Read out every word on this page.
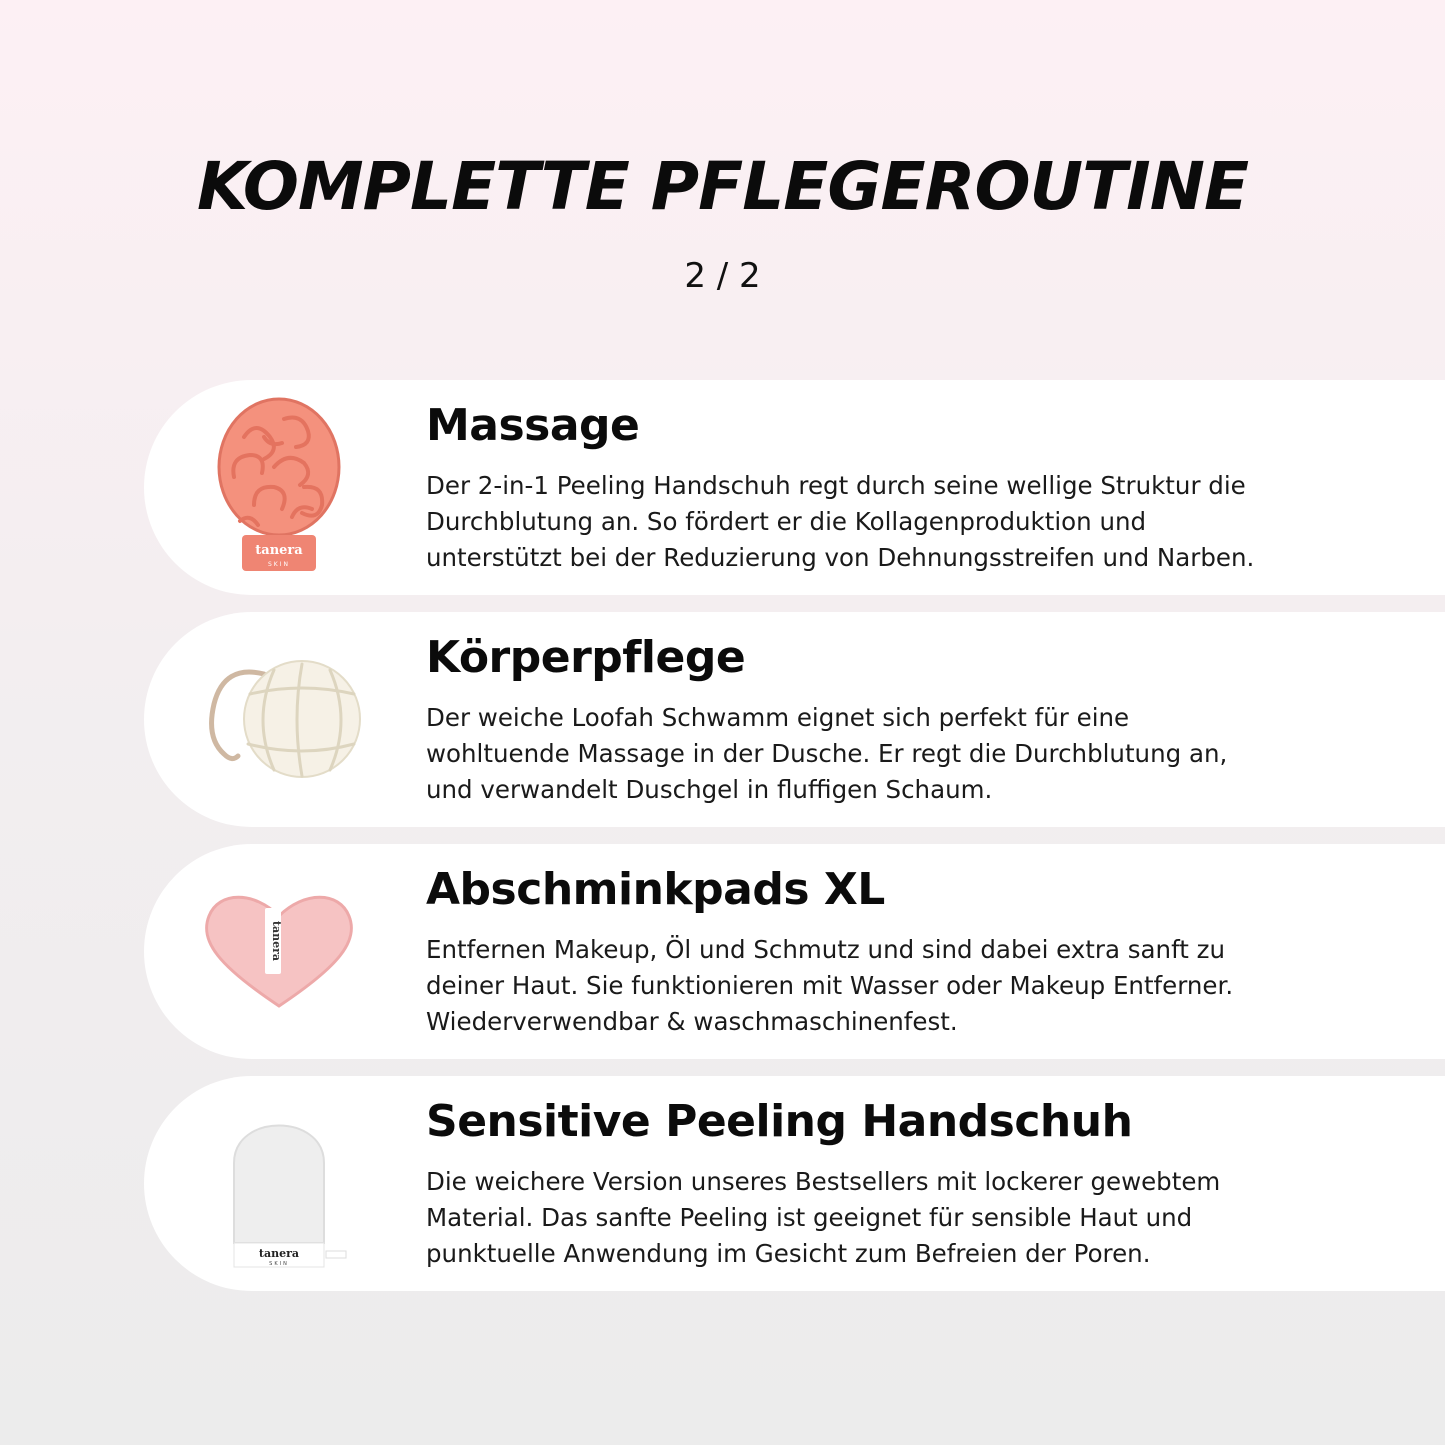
KOMPLETTE PFLEGEROUTINE
2 / 2
tanera
SKIN
Massage

Der 2-in-1 Peeling Handschuh regt durch seine wellige Struktur die
Durchblutung an. So fördert er die Kollagenproduktion und
unterstützt bei der Reduzierung von Dehnungsstreifen und Narben.

Körperpflege

Der weiche Loofah Schwamm eignet sich perfekt für eine
wohltuende Massage in der Dusche. Er regt die Durchblutung an,
und verwandelt Duschgel in fluffigen Schaum.

tanera
Abschminkpads XL

Entfernen Makeup, Öl und Schmutz und sind dabei extra sanft zu
deiner Haut. Sie funktionieren mit Wasser oder Makeup Entferner.
Wiederverwendbar & waschmaschinenfest.

tanera
SKIN
Sensitive Peeling Handschuh

Die weichere Version unseres Bestsellers mit lockerer gewebtem
Material. Das sanfte Peeling ist geeignet für sensible Haut und
punktuelle Anwendung im Gesicht zum Befreien der Poren.
